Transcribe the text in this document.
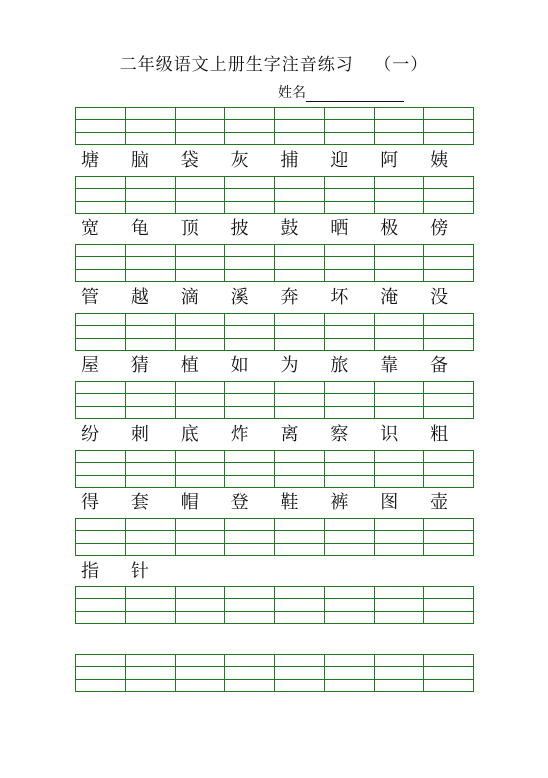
二年级语文上册生字注音练习 （一）
姓名
塘	脑	袋	灰	捕	迎	阿	姨
宽	龟	顶	披	鼓	晒	极	傍
管	越	滴	溪	奔	坏	淹	没
屋	猜	植	如	为	旅	靠	备
纷	刺	底	炸	离	察	识	粗
得	套	帽	登	鞋	裤	图	壶
指	针
